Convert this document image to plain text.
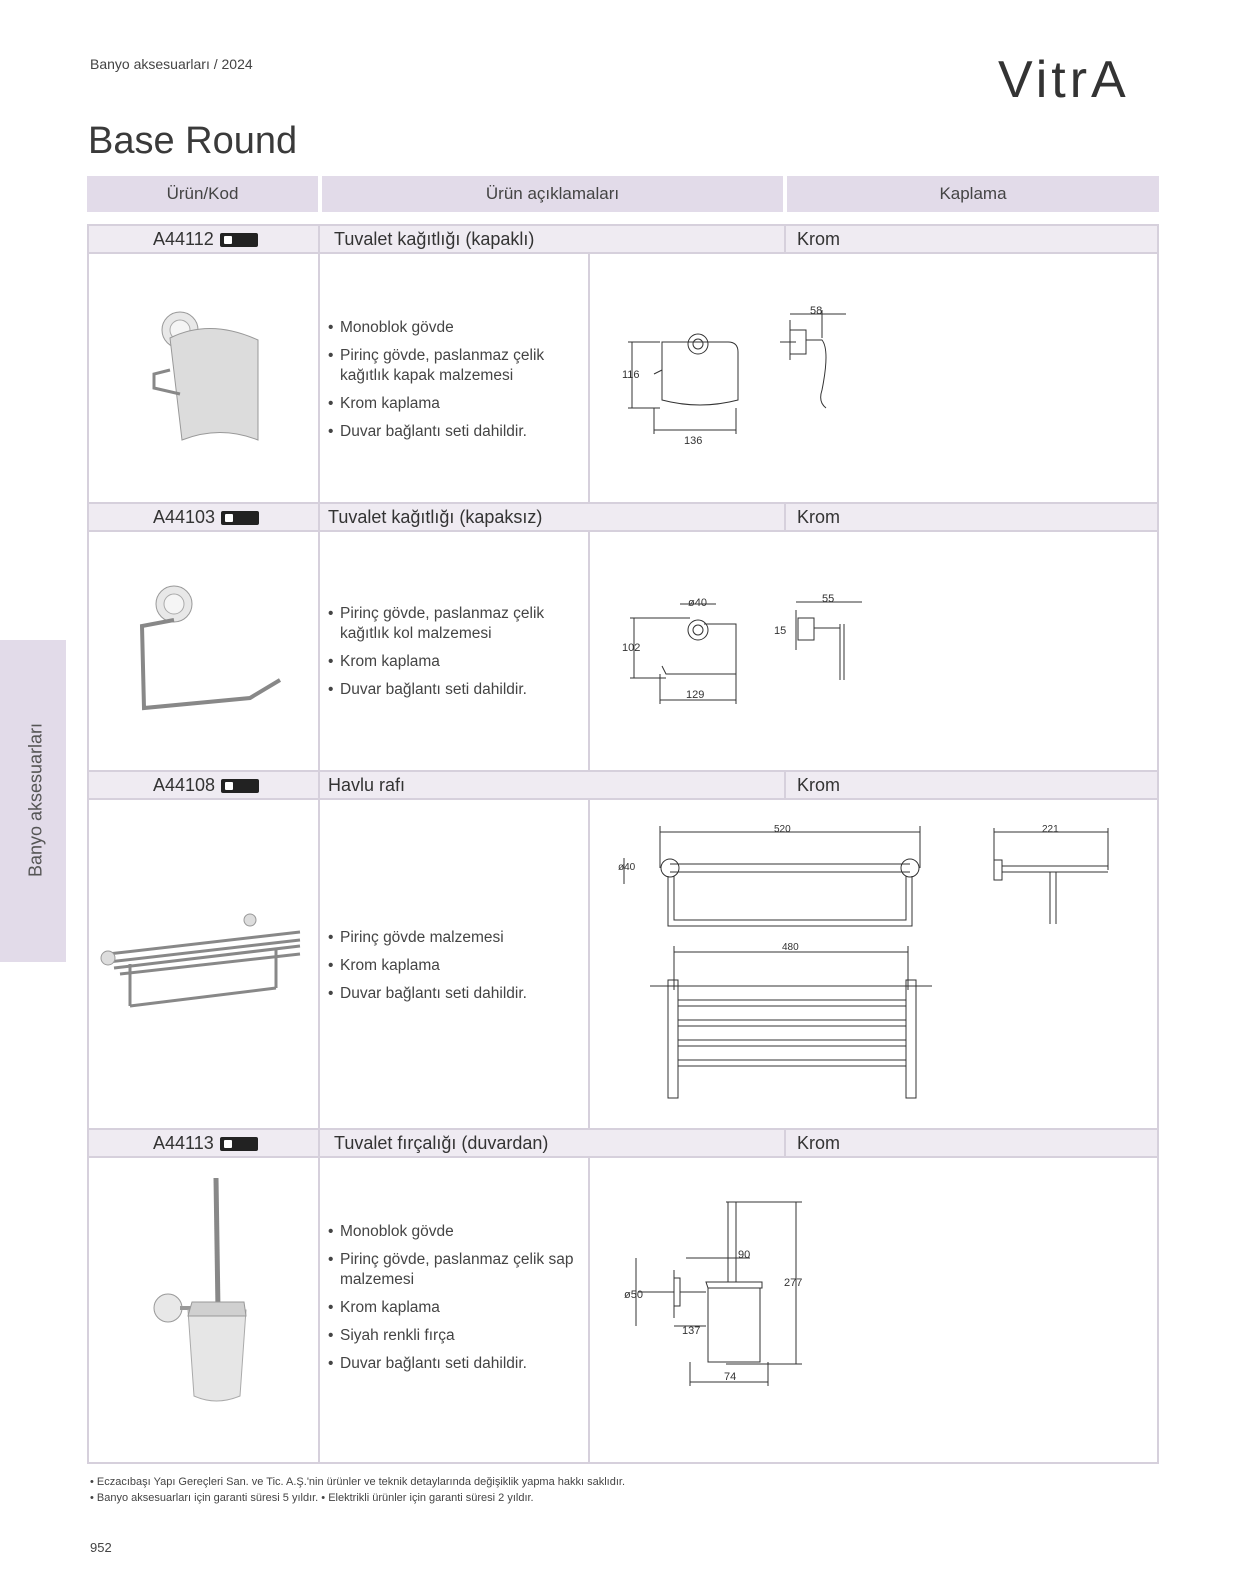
Banyo aksesuarları / 2024	VitrA
Base Round
Ürün/Kod	Ürün açıklamaları	Kaplama
Banyo aksesuarları
A44112	Tuvalet kağıtlığı (kapaklı)	Krom
• Monoblok gövde
• Pirinç gövde, paslanmaz çelik kağıtlık kapak malzemesi
• Krom kaplama
• Duvar bağlantı seti dahildir.
116
136
58
A44103	Tuvalet kağıtlığı (kapaksız)	Krom
• Pirinç gövde, paslanmaz çelik kağıtlık kol malzemesi
• Krom kaplama
• Duvar bağlantı seti dahildir.
ø40
102
129
55
15
A44108	Havlu rafı	Krom
• Pirinç gövde malzemesi
• Krom kaplama
• Duvar bağlantı seti dahildir.
520
ø40
221
480
A44113	Tuvalet fırçalığı (duvardan)	Krom
• Monoblok gövde
• Pirinç gövde, paslanmaz çelik sap malzemesi
• Krom kaplama
• Siyah renkli fırça
• Duvar bağlantı seti dahildir.
90
277
ø50
137
74
• Eczacıbaşı Yapı Gereçleri San. ve Tic. A.Ş.'nin ürünler ve teknik detaylarında değişiklik yapma hakkı saklıdır.
• Banyo aksesuarları için garanti süresi 5 yıldır. • Elektrikli ürünler için garanti süresi 2 yıldır.
952
